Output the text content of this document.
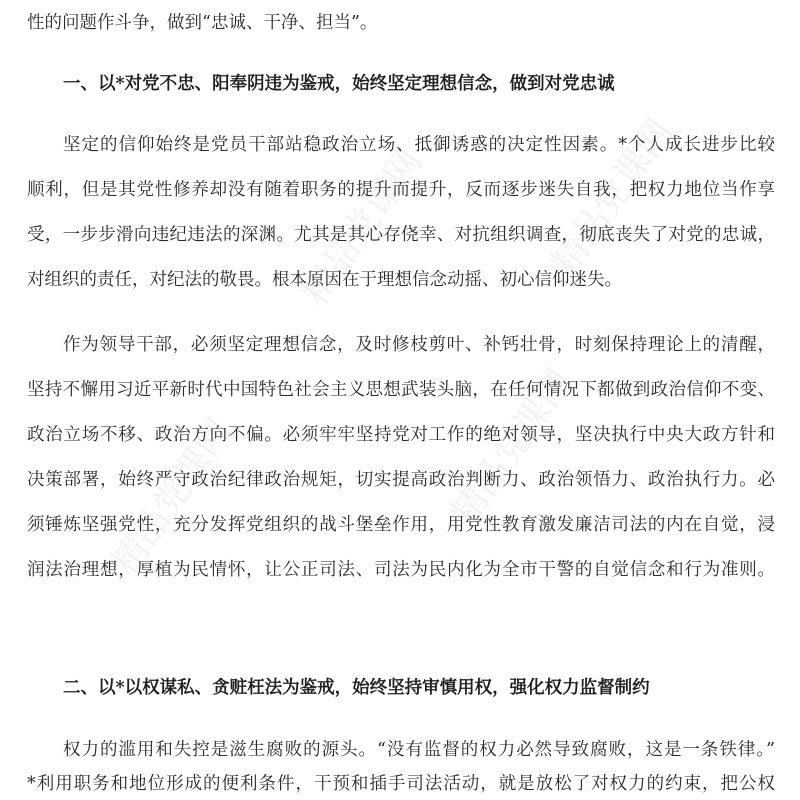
精品党课网	精品党课网
精品党课网	精品党课网
性的问题作斗争，做到“忠诚、干净、担当”。
一、以*对党不忠、阳奉阴违为鉴戒，始终坚定理想信念，做到对党忠诚
坚定的信仰始终是党员干部站稳政治立场、抵御诱惑的决定性因素。*个人成长进步比较
顺利，但是其党性修养却没有随着职务的提升而提升，反而逐步迷失自我，把权力地位当作享
受，一步步滑向违纪违法的深渊。尤其是其心存侥幸、对抗组织调查，彻底丧失了对党的忠诚，
对组织的责任，对纪法的敬畏。根本原因在于理想信念动摇、初心信仰迷失。
作为领导干部，必须坚定理想信念，及时修枝剪叶、补钙壮骨，时刻保持理论上的清醒，
坚持不懈用习近平新时代中国特色社会主义思想武装头脑，在任何情况下都做到政治信仰不变、
政治立场不移、政治方向不偏。必须牢牢坚持党对工作的绝对领导，坚决执行中央大政方针和
决策部署，始终严守政治纪律政治规矩，切实提高政治判断力、政治领悟力、政治执行力。必
须锤炼坚强党性，充分发挥党组织的战斗堡垒作用，用党性教育激发廉洁司法的内在自觉，浸
润法治理想，厚植为民情怀，让公正司法、司法为民内化为全市干警的自觉信念和行为准则。
二、以*以权谋私、贪赃枉法为鉴戒，始终坚持审慎用权，强化权力监督制约
权力的滥用和失控是滋生腐败的源头。“没有监督的权力必然导致腐败，这是一条铁律。”
*利用职务和地位形成的便利条件，干预和插手司法活动，就是放松了对权力的约束，把公权
